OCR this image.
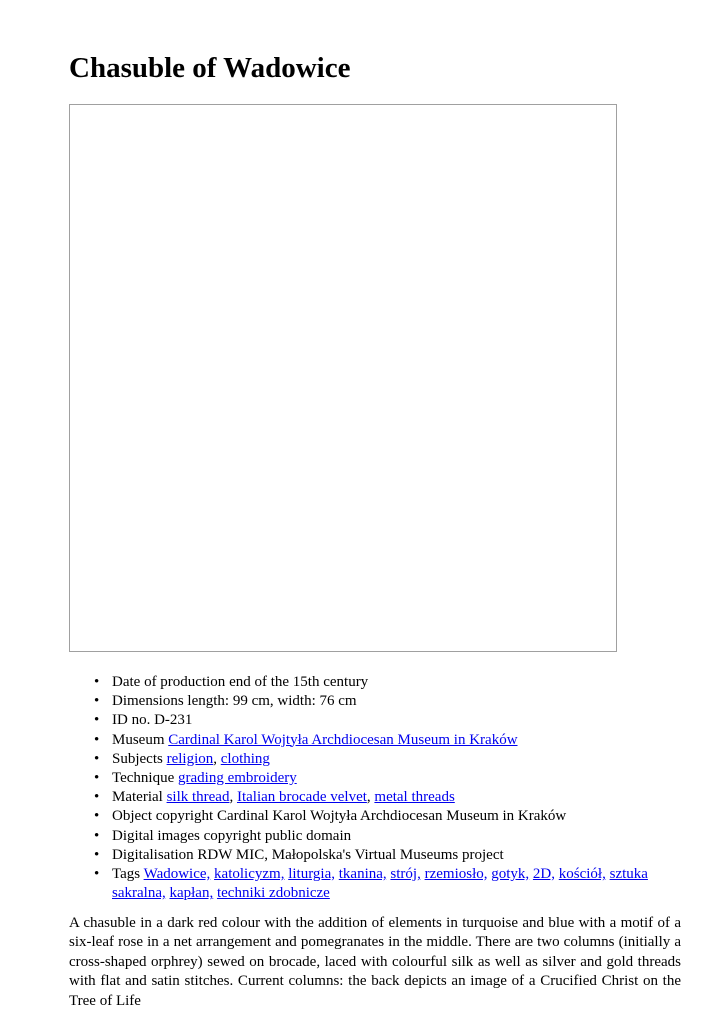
Chasuble of Wadowice
• Date of production end of the 15th century
• Dimensions length: 99 cm, width: 76 cm
• ID no. D-231
• Museum Cardinal Karol Wojtyła Archdiocesan Museum in Kraków
• Subjects religion, clothing
• Technique grading embroidery
• Material silk thread, Italian brocade velvet, metal threads
• Object copyright Cardinal Karol Wojtyła Archdiocesan Museum in Kraków
• Digital images copyright public domain
• Digitalisation RDW MIC, Małopolska's Virtual Museums project
• Tags Wadowice, katolicyzm, liturgia, tkanina, strój, rzemiosło, gotyk, 2D, kościół, sztuka sakralna, kapłan, techniki zdobnicze

A chasuble in a dark red colour with the addition of elements in turquoise and blue with a motif of a six-leaf rose in a net arrangement and pomegranates in the middle. There are two columns (initially a cross-shaped orphrey) sewed on brocade, laced with colourful silk as well as silver and gold threads with flat and satin stitches. Current columns: the back depicts an image of a Crucified Christ on the Tree of Life
